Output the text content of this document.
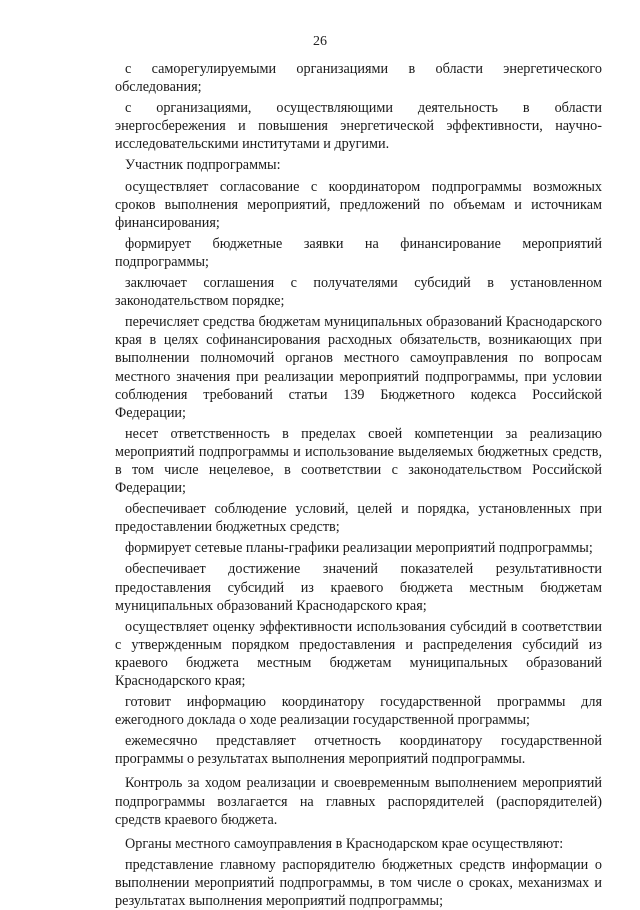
26

с саморегулируемыми организациями в области энергетического обследования;

с организациями, осуществляющими деятельность в области энергосбережения и повышения энергетической эффективности, научно-исследовательскими институтами и другими.

Участник подпрограммы:

осуществляет согласование с координатором подпрограммы возможных сроков выполнения мероприятий, предложений по объемам и источникам финансирования;

формирует бюджетные заявки на финансирование мероприятий подпрограммы;

заключает соглашения с получателями субсидий в установленном законодательством порядке;

перечисляет средства бюджетам муниципальных образований Краснодарского края в целях софинансирования расходных обязательств, возникающих при выполнении полномочий органов местного самоуправления по вопросам местного значения при реализации мероприятий подпрограммы, при условии соблюдения требований статьи 139 Бюджетного кодекса Российской Федерации;

несет ответственность в пределах своей компетенции за реализацию мероприятий подпрограммы и использование выделяемых бюджетных средств, в том числе нецелевое, в соответствии с законодательством Российской Федерации;

обеспечивает соблюдение условий, целей и порядка, установленных при предоставлении бюджетных средств;

формирует сетевые планы-графики реализации мероприятий подпрограммы;

обеспечивает достижение значений показателей результативности предоставления субсидий из краевого бюджета местным бюджетам муниципальных образований Краснодарского края;

осуществляет оценку эффективности использования субсидий в соответствии с утвержденным порядком предоставления и распределения субсидий из краевого бюджета местным бюджетам муниципальных образований Краснодарского края;

готовит информацию координатору государственной программы для ежегодного доклада о ходе реализации государственной программы;

ежемесячно представляет отчетность координатору государственной программы о результатах выполнения мероприятий подпрограммы.

Контроль за ходом реализации и своевременным выполнением мероприятий подпрограммы возлагается на главных распорядителей (распорядителей) средств краевого бюджета.

Органы местного самоуправления в Краснодарском крае осуществляют:

представление главному распорядителю бюджетных средств информации о выполнении мероприятий подпрограммы, в том числе о сроках, механизмах и результатах выполнения мероприятий подпрограммы;
